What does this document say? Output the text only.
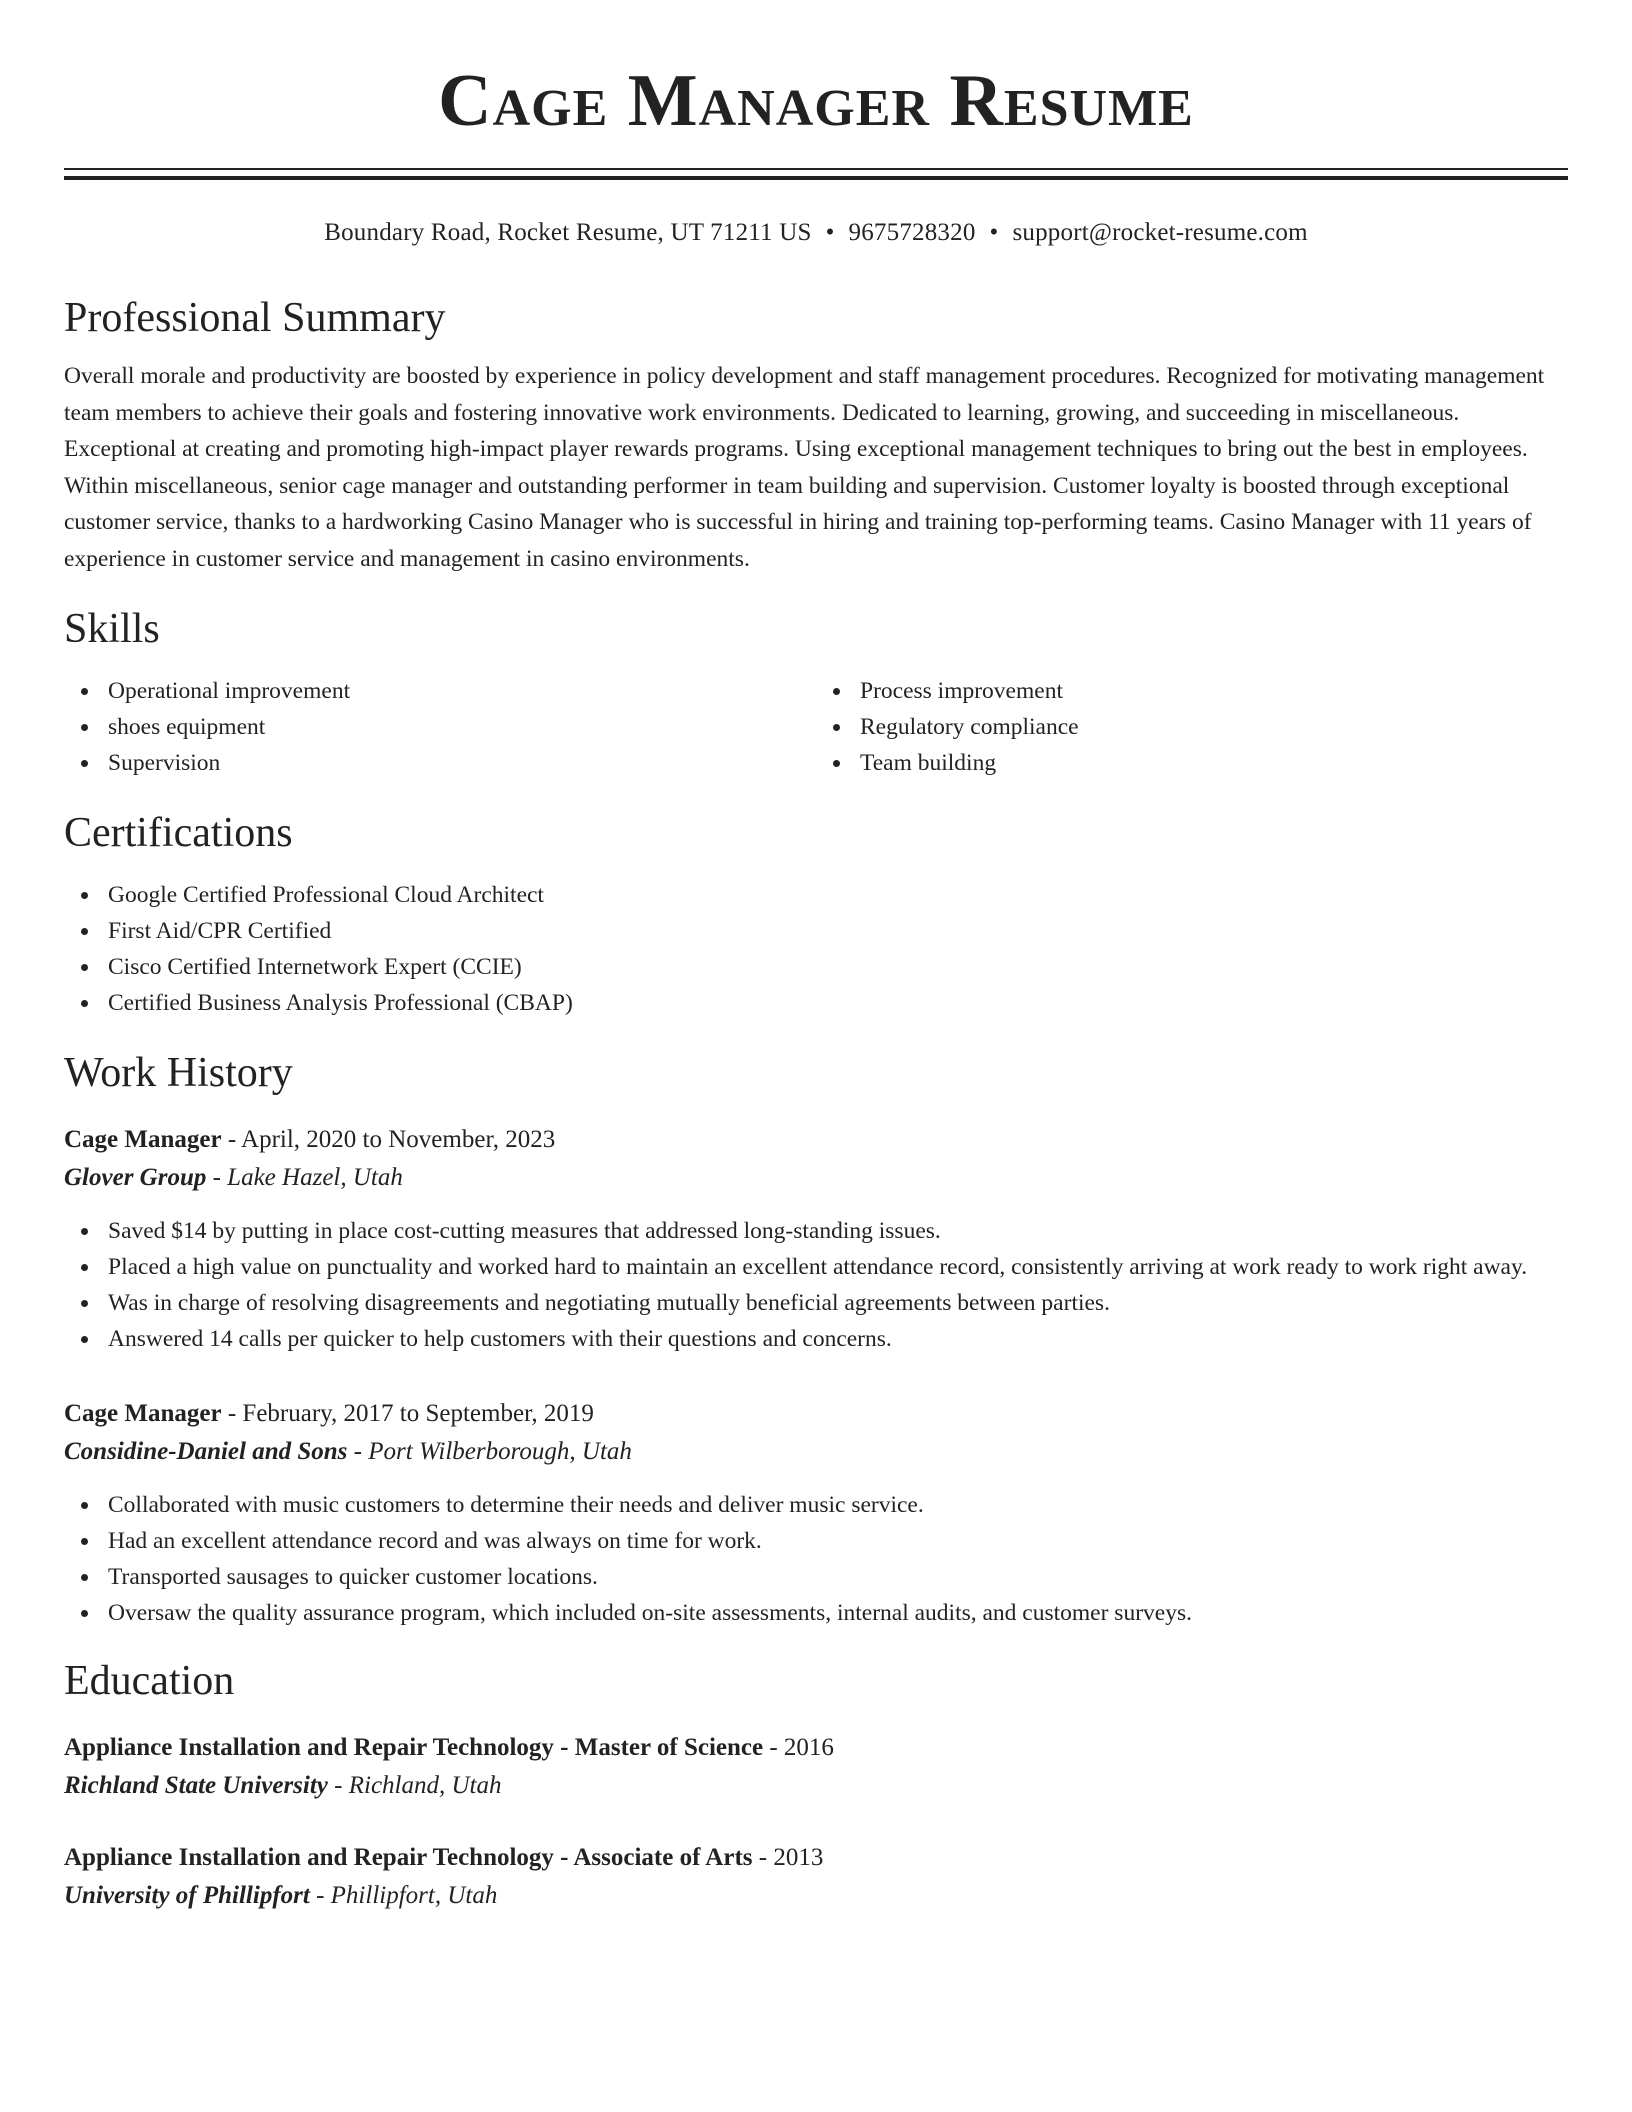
Cage Manager Resume
Boundary Road, Rocket Resume, UT 71211 US • 9675728320 • support@rocket-resume.com
Professional Summary

Overall morale and productivity are boosted by experience in policy development and staff management procedures. Recognized for motivating management team members to achieve their goals and fostering innovative work environments. Dedicated to learning, growing, and succeeding in miscellaneous. Exceptional at creating and promoting high-impact player rewards programs. Using exceptional management techniques to bring out the best in employees. Within miscellaneous, senior cage manager and outstanding performer in team building and supervision. Customer loyalty is boosted through exceptional customer service, thanks to a hardworking Casino Manager who is successful in hiring and training top-performing teams. Casino Manager with 11 years of experience in customer service and management in casino environments.

Skills
Operational improvement
shoes equipment
Supervision
Process improvement
Regulatory compliance
Team building
Certifications
Google Certified Professional Cloud Architect
First Aid/CPR Certified
Cisco Certified Internetwork Expert (CCIE)
Certified Business Analysis Professional (CBAP)
Work History
Cage Manager - April, 2020 to November, 2023
Glover Group - Lake Hazel, Utah
Saved $14 by putting in place cost-cutting measures that addressed long-standing issues.
Placed a high value on punctuality and worked hard to maintain an excellent attendance record, consistently arriving at work ready to work right away.
Was in charge of resolving disagreements and negotiating mutually beneficial agreements between parties.
Answered 14 calls per quicker to help customers with their questions and concerns.
Cage Manager - February, 2017 to September, 2019
Considine-Daniel and Sons - Port Wilberborough, Utah
Collaborated with music customers to determine their needs and deliver music service.
Had an excellent attendance record and was always on time for work.
Transported sausages to quicker customer locations.
Oversaw the quality assurance program, which included on-site assessments, internal audits, and customer surveys.
Education
Appliance Installation and Repair Technology - Master of Science - 2016
Richland State University - Richland, Utah
Appliance Installation and Repair Technology - Associate of Arts - 2013
University of Phillipfort - Phillipfort, Utah
